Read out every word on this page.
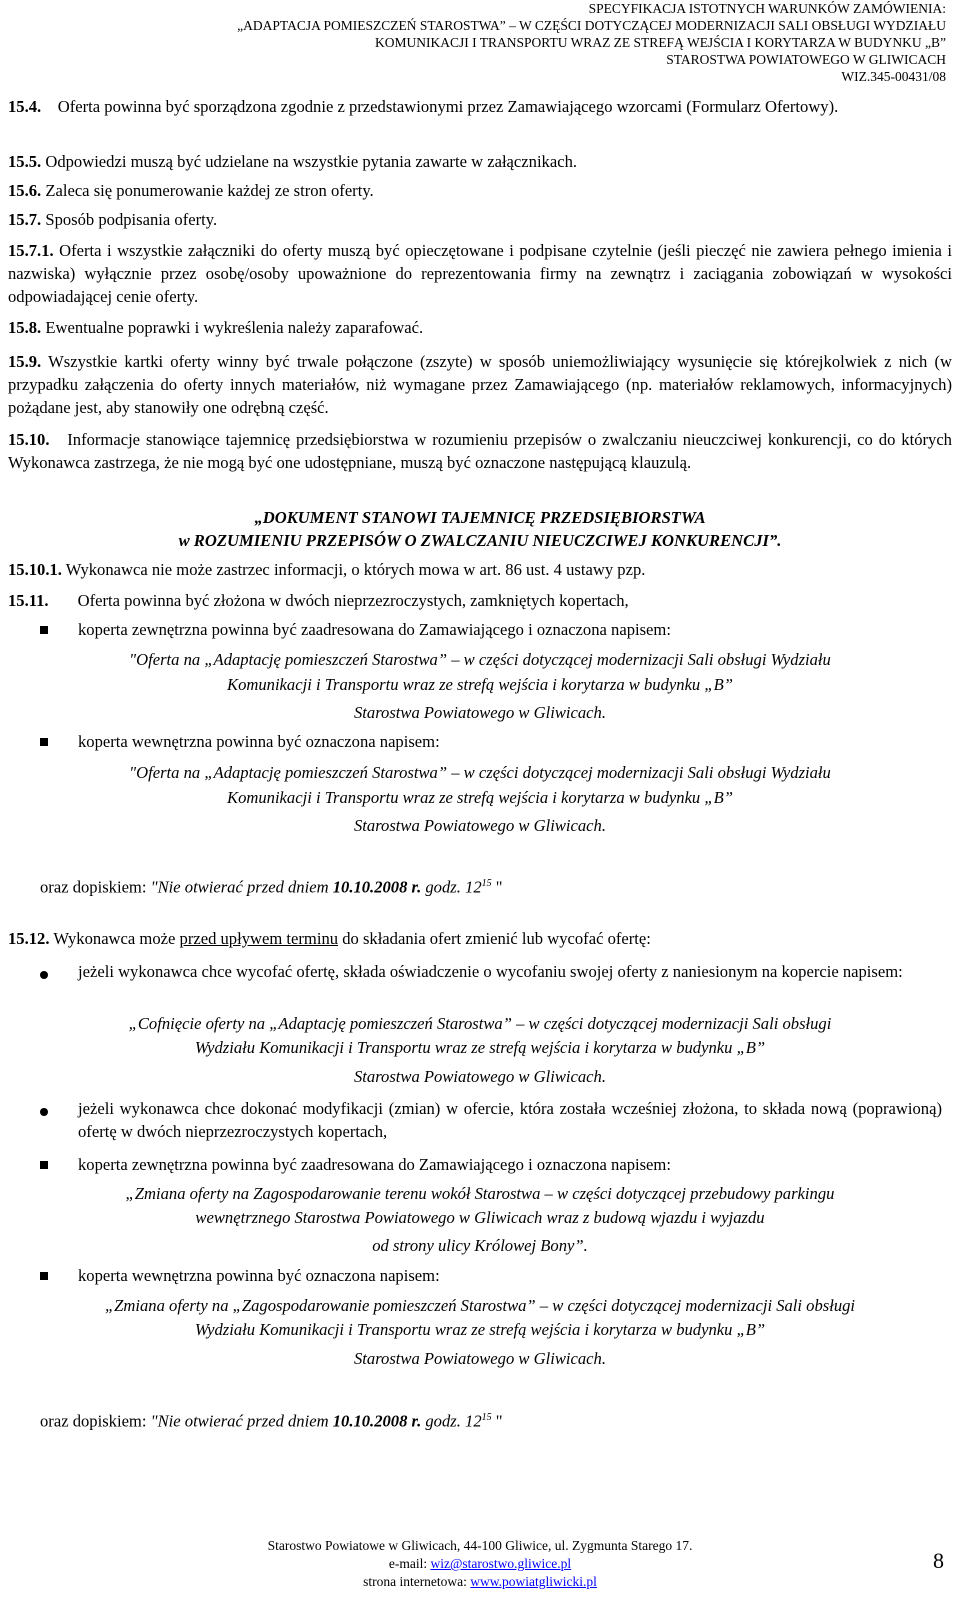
SPECYFIKACJA ISTOTNYCH WARUNKÓW ZAMÓWIENIA:
„ADAPTACJA POMIESZCZEŃ STAROSTWA” – W CZĘŚCI DOTYCZĄCEJ MODERNIZACJI SALI OBSŁUGI WYDZIAŁU
KOMUNIKACJI I TRANSPORTU WRAZ ZE STREFĄ WEJŚCIA I KORYTARZA W BUDYNKU „B”
STAROSTWA POWIATOWEGO W GLIWICACH
WIZ.345-00431/08
15.4. Oferta powinna być sporządzona zgodnie z przedstawionymi przez Zamawiającego wzorcami (Formularz Ofertowy).
15.5. Odpowiedzi muszą być udzielane na wszystkie pytania zawarte w załącznikach.
15.6. Zaleca się ponumerowanie każdej ze stron oferty.
15.7. Sposób podpisania oferty.
15.7.1. Oferta i wszystkie załączniki do oferty muszą być opieczętowane i podpisane czytelnie (jeśli pieczęć nie zawiera pełnego imienia i nazwiska) wyłącznie przez osobę/osoby upoważnione do reprezentowania firmy na zewnątrz i zaciągania zobowiązań w wysokości odpowiadającej cenie oferty.
15.8. Ewentualne poprawki i wykreślenia należy zaparafować.
15.9. Wszystkie kartki oferty winny być trwale połączone (zszyte) w sposób uniemożliwiający wysunięcie się którejkolwiek z nich (w przypadku załączenia do oferty innych materiałów, niż wymagane przez Zamawiającego (np. materiałów reklamowych, informacyjnych) pożądane jest, aby stanowiły one odrębną część.
15.10. Informacje stanowiące tajemnicę przedsiębiorstwa w rozumieniu przepisów o zwalczaniu nieuczciwej konkurencji, co do których Wykonawca zastrzega, że nie mogą być one udostępniane, muszą być oznaczone następującą klauzulą.
„DOKUMENT STANOWI TAJEMNICĘ PRZEDSIĘBIORSTWA
w ROZUMIENIU PRZEPISÓW O ZWALCZANIU NIEUCZCIWEJ KONKURENCJI”.
15.10.1. Wykonawca nie może zastrzec informacji, o których mowa w art. 86 ust. 4 ustawy pzp.
15.11. Oferta powinna być złożona w dwóch nieprzezroczystych, zamkniętych kopertach,
koperta zewnętrzna powinna być zaadresowana do Zamawiającego i oznaczona napisem:
"Oferta na „Adaptację pomieszczeń Starostwa” – w części dotyczącej modernizacji Sali obsługi Wydziału
Komunikacji i Transportu wraz ze strefą wejścia i korytarza w budynku „B”
Starostwa Powiatowego w Gliwicach.
koperta wewnętrzna powinna być oznaczona napisem:
"Oferta na „Adaptację pomieszczeń Starostwa” – w części dotyczącej modernizacji Sali obsługi Wydziału
Komunikacji i Transportu wraz ze strefą wejścia i korytarza w budynku „B”
Starostwa Powiatowego w Gliwicach.
oraz dopiskiem: "Nie otwierać przed dniem 10.10.2008 r. godz. $12^{15}$ "
15.12. Wykonawca może przed upływem terminu do składania ofert zmienić lub wycofać ofertę:
jeżeli wykonawca chce wycofać ofertę, składa oświadczenie o wycofaniu swojej oferty z naniesionym na kopercie napisem:
„Cofnięcie oferty na „Adaptację pomieszczeń Starostwa” – w części dotyczącej modernizacji Sali obsługi
Wydziału Komunikacji i Transportu wraz ze strefą wejścia i korytarza w budynku „B”
Starostwa Powiatowego w Gliwicach.
jeżeli wykonawca chce dokonać modyfikacji (zmian) w ofercie, która została wcześniej złożona, to składa nową (poprawioną) ofertę w dwóch nieprzezroczystych kopertach,
koperta zewnętrzna powinna być zaadresowana do Zamawiającego i oznaczona napisem:
„Zmiana oferty na Zagospodarowanie terenu wokół Starostwa – w części dotyczącej przebudowy parkingu
wewnętrznego Starostwa Powiatowego w Gliwicach wraz z budową wjazdu i wyjazdu
od strony ulicy Królowej Bony”.
koperta wewnętrzna powinna być oznaczona napisem:
„Zmiana oferty na „Zagospodarowanie pomieszczeń Starostwa” – w części dotyczącej modernizacji Sali obsługi
Wydziału Komunikacji i Transportu wraz ze strefą wejścia i korytarza w budynku „B”
Starostwa Powiatowego w Gliwicach.
oraz dopiskiem: "Nie otwierać przed dniem 10.10.2008 r. godz. $12^{15}$ "
Starostwo Powiatowe w Gliwicach, 44-100 Gliwice, ul. Zygmunta Starego 17.
e-mail: wiz@starostwo.gliwice.pl
strona internetowa: www.powiatgliwicki.pl
8
